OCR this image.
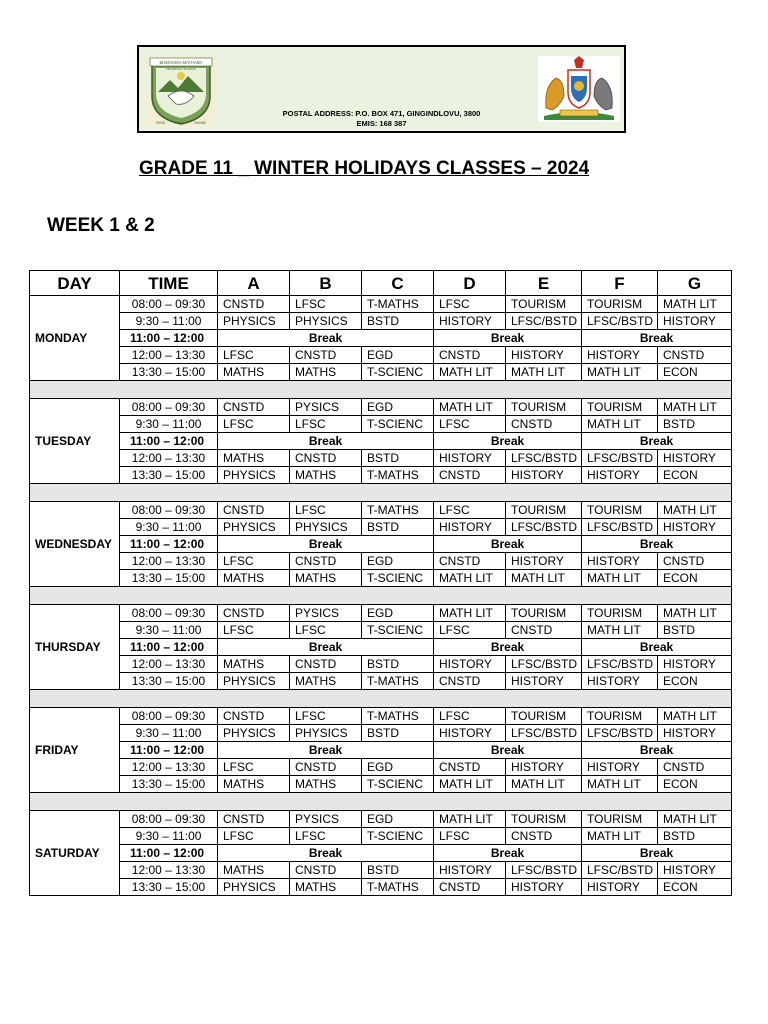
BHEKISISA MATHABA
TECHNICAL SCHOOL
RISE AND	SHINE
POSTAL ADDRESS: P.O. BOX 471, GINGINDLOVU, 3800
EMIS: 168 387
GRADE 11 _ WINTER HOLIDAYS CLASSES – 2024
WEEK 1 & 2
DAY	TIME	A	B	C	D	E	F	G
MONDAY	08:00 – 09:30	CNSTD	LFSC	T-MATHS	LFSC	TOURISM	TOURISM	MATH LIT
	9:30 – 11:00	PHYSICS	PHYSICS	BSTD	HISTORY	LFSC/BSTD	LFSC/BSTD	HISTORY
	11:00 – 12:00	Break			Break		Break	
	12:00 – 13:30	LFSC	CNSTD	EGD	CNSTD	HISTORY	HISTORY	CNSTD
	13:30 – 15:00	MATHS	MATHS	T-SCIENC	MATH LIT	MATH LIT	MATH LIT	ECON

TUESDAY	08:00 – 09:30	CNSTD	PYSICS	EGD	MATH LIT	TOURISM	TOURISM	MATH LIT
	9:30 – 11:00	LFSC	LFSC	T-SCIENC	LFSC	CNSTD	MATH LIT	BSTD
	11:00 – 12:00	Break			Break		Break	
	12:00 – 13:30	MATHS	CNSTD	BSTD	HISTORY	LFSC/BSTD	LFSC/BSTD	HISTORY
	13:30 – 15:00	PHYSICS	MATHS	T-MATHS	CNSTD	HISTORY	HISTORY	ECON

WEDNESDAY	08:00 – 09:30	CNSTD	LFSC	T-MATHS	LFSC	TOURISM	TOURISM	MATH LIT
	9:30 – 11:00	PHYSICS	PHYSICS	BSTD	HISTORY	LFSC/BSTD	LFSC/BSTD	HISTORY
	11:00 – 12:00	Break			Break		Break	
	12:00 – 13:30	LFSC	CNSTD	EGD	CNSTD	HISTORY	HISTORY	CNSTD
	13:30 – 15:00	MATHS	MATHS	T-SCIENC	MATH LIT	MATH LIT	MATH LIT	ECON

THURSDAY	08:00 – 09:30	CNSTD	PYSICS	EGD	MATH LIT	TOURISM	TOURISM	MATH LIT
	9:30 – 11:00	LFSC	LFSC	T-SCIENC	LFSC	CNSTD	MATH LIT	BSTD
	11:00 – 12:00	Break			Break		Break	
	12:00 – 13:30	MATHS	CNSTD	BSTD	HISTORY	LFSC/BSTD	LFSC/BSTD	HISTORY
	13:30 – 15:00	PHYSICS	MATHS	T-MATHS	CNSTD	HISTORY	HISTORY	ECON

FRIDAY	08:00 – 09:30	CNSTD	LFSC	T-MATHS	LFSC	TOURISM	TOURISM	MATH LIT
	9:30 – 11:00	PHYSICS	PHYSICS	BSTD	HISTORY	LFSC/BSTD	LFSC/BSTD	HISTORY
	11:00 – 12:00	Break			Break		Break	
	12:00 – 13:30	LFSC	CNSTD	EGD	CNSTD	HISTORY	HISTORY	CNSTD
	13:30 – 15:00	MATHS	MATHS	T-SCIENC	MATH LIT	MATH LIT	MATH LIT	ECON

SATURDAY	08:00 – 09:30	CNSTD	PYSICS	EGD	MATH LIT	TOURISM	TOURISM	MATH LIT
	9:30 – 11:00	LFSC	LFSC	T-SCIENC	LFSC	CNSTD	MATH LIT	BSTD
	11:00 – 12:00	Break			Break		Break	
	12:00 – 13:30	MATHS	CNSTD	BSTD	HISTORY	LFSC/BSTD	LFSC/BSTD	HISTORY
	13:30 – 15:00	PHYSICS	MATHS	T-MATHS	CNSTD	HISTORY	HISTORY	ECON
